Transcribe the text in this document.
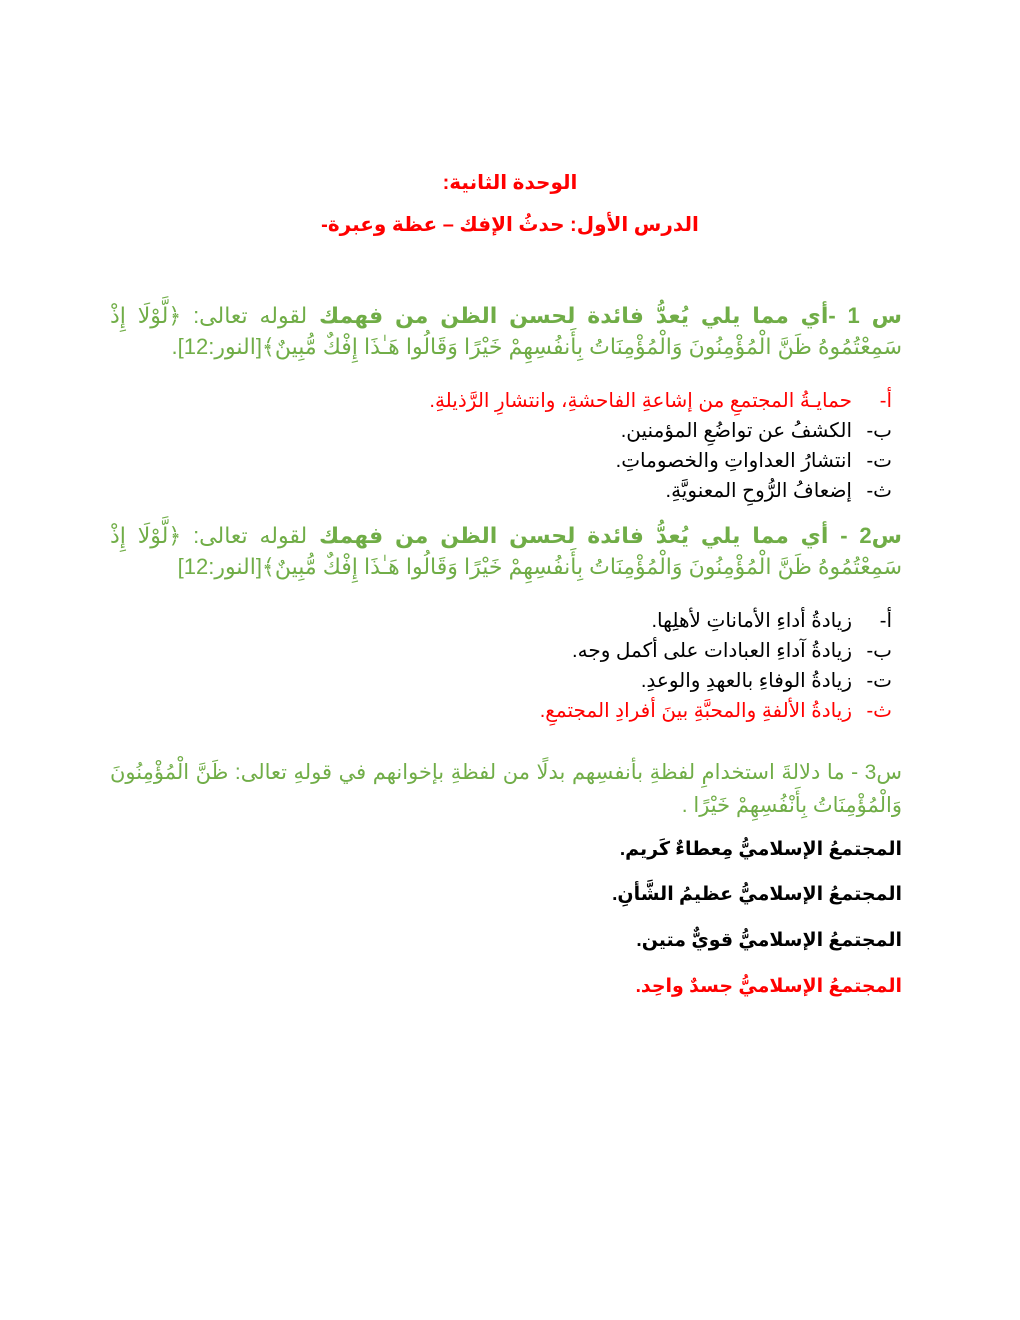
الوحدة الثانية:
الدرس الأول: حدثُ الإفك – عظة وعبرة-
س 1 -أي مما يلي يُعدُّ فائدة لحسن الظن من فهمك لقوله تعالى: ﴿لَّوْلَا إِذْ سَمِعْتُمُوهُ ظَنَّ الْمُؤْمِنُونَ وَالْمُؤْمِنَاتُ بِأَنفُسِهِمْ خَيْرًا وَقَالُوا هَـٰذَا إِفْكٌ مُّبِينٌ﴾[النور:12].
أ-
حمايـةُ المجتمعِ من إشاعةِ الفاحشةِ، وانتشارِ الرَّذيلةِ.
ب-
الكشفُ عن تواضُعِ المؤمنين.
ت-
انتشارُ العداواتِ والخصوماتِ.
ث-
إضعافُ الرُّوحِ المعنويَّةِ.
س2 - أي مما يلي يُعدُّ فائدة لحسن الظن من فهمك لقوله تعالى: ﴿لَّوْلَا إِذْ سَمِعْتُمُوهُ ظَنَّ الْمُؤْمِنُونَ وَالْمُؤْمِنَاتُ بِأَنفُسِهِمْ خَيْرًا وَقَالُوا هَـٰذَا إِفْكٌ مُّبِينٌ﴾[النور:12]
أ-
زيادةُ أداءِ الأماناتِ لأهلِها.
ب-
زيادةُ آداءِ العبادات على أكمل وجه.
ت-
زيادةُ الوفاءِ بالعهدِ والوعدِ.
ث-
زيادةُ الألفةِ والمحبَّةِ بينَ أفرادِ المجتمعِ.
س3 - ما دلالةَ استخدامِ لفظةِ بأنفسِهم بدلًا من لفظةِ بإخوانهم في قولهِ تعالى: ظَنَّ الْمُؤْمِنُونَ وَالْمُؤْمِنَاتُ بِأَنْفُسِهِمْ خَيْرًا .
المجتمعُ الإسلاميُّ مِعطاءٌ كَريم.
المجتمعُ الإسلاميُّ عظيمُ الشَّأنِ.
المجتمعُ الإسلاميُّ قويٌّ متين.
المجتمعُ الإسلاميُّ جسدٌ واحِد.
